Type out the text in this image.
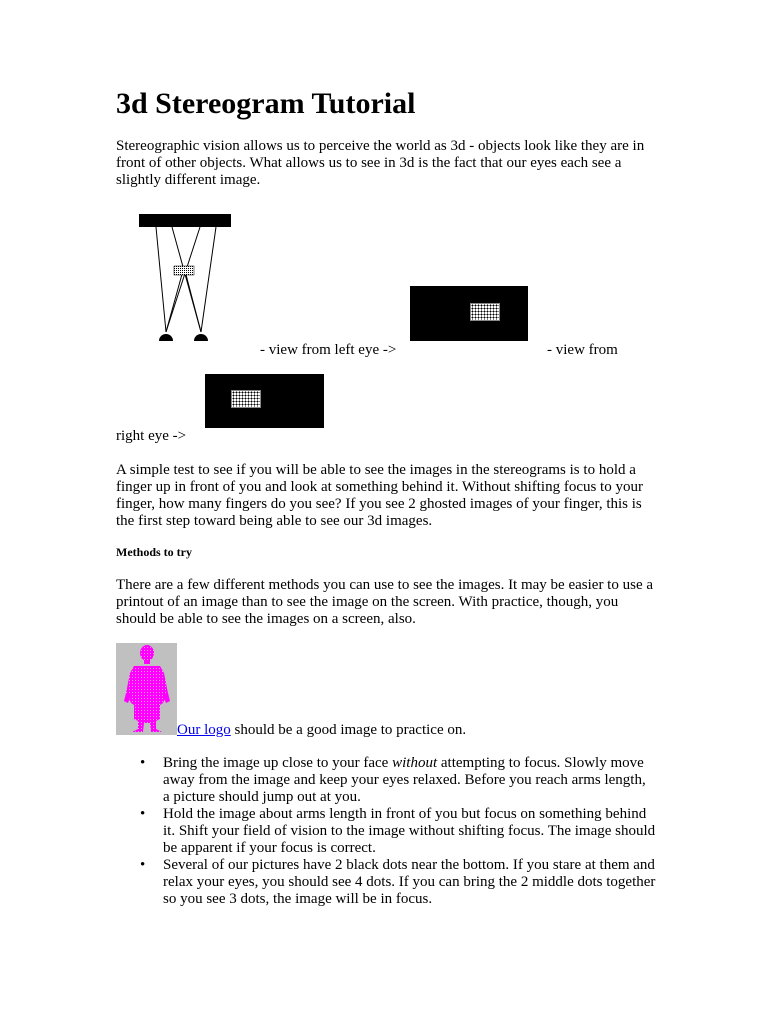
3d Stereogram Tutorial

Stereographic vision allows us to perceive the world as 3d - objects look like they are in front of other objects. What allows us to see in 3d is the fact that our eyes each see a slightly different image.

- view from left eye ->	- view from
right eye ->

A simple test to see if you will be able to see the images in the stereograms is to hold a finger up in front of you and look at something behind it. Without shifting focus to your finger, how many fingers do you see? If you see 2 ghosted images of your finger, this is the first step toward being able to see our 3d images.

Methods to try

There are a few different methods you can use to see the images. It may be easier to use a printout of an image than to see the image on the screen. With practice, though, you should be able to see the images on a screen, also.

Our logo should be a good image to practice on.
• Bring the image up close to your face without attempting to focus. Slowly move away from the image and keep your eyes relaxed. Before you reach arms length, a picture should jump out at you.
• Hold the image about arms length in front of you but focus on something behind it. Shift your field of vision to the image without shifting focus. The image should be apparent if your focus is correct.
• Several of our pictures have 2 black dots near the bottom. If you stare at them and relax your eyes, you should see 4 dots. If you can bring the 2 middle dots together so you see 3 dots, the image will be in focus.
